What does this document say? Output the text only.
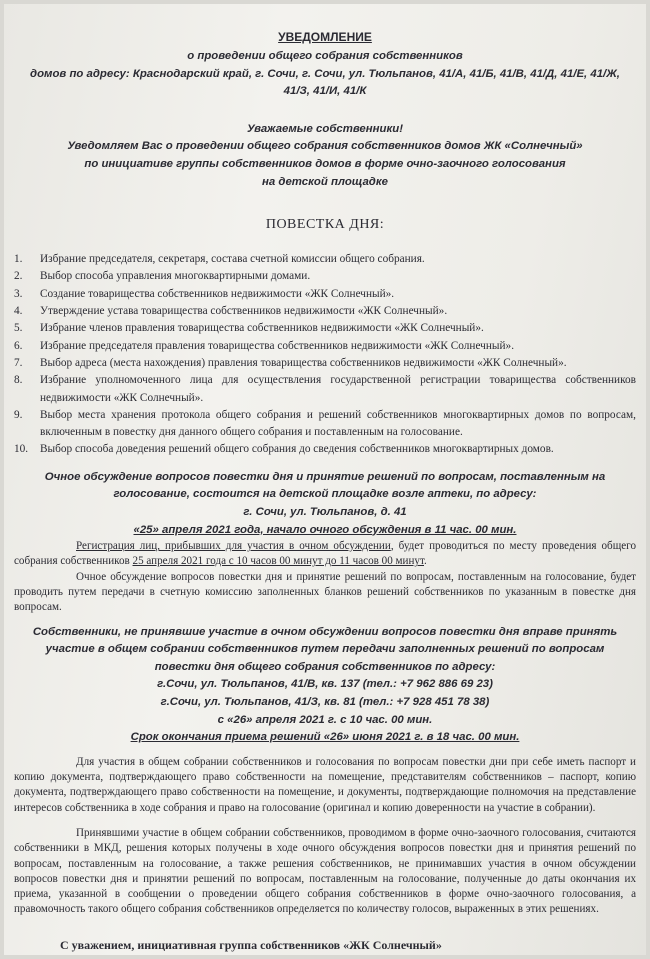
УВЕДОМЛЕНИЕ
о проведении общего собрания собственников
домов по адресу: Краснодарский край, г. Сочи, г. Сочи, ул. Тюльпанов, 41/А, 41/Б, 41/В, 41/Д, 41/Е, 41/Ж,
41/З, 41/И, 41/К
Уважаемые собственники!
Уведомляем Вас о проведении общего собрания собственников домов ЖК «Солнечный»
по инициативе группы собственников домов в форме очно-заочного голосования
на детской площадке
ПОВЕСТКА ДНЯ:
1.	Избрание председателя, секретаря, состава счетной комиссии общего собрания.
2.	Выбор способа управления многоквартирными домами.
3.	Создание товарищества собственников недвижимости «ЖК Солнечный».
4.	Утверждение устава товарищества собственников недвижимости «ЖК Солнечный».
5.	Избрание членов правления товарищества собственников недвижимости «ЖК Солнечный».
6.	Избрание председателя правления товарищества собственников недвижимости «ЖК Солнечный».
7.	Выбор адреса (места нахождения) правления товарищества собственников недвижимости «ЖК Солнечный».
8.	Избрание уполномоченного лица для осуществления государственной регистрации товарищества собственников недвижимости «ЖК Солнечный».
9.	Выбор места хранения протокола общего собрания и решений собственников многоквартирных домов по вопросам, включенным в повестку дня данного общего собрания и поставленным на голосование.
10.	Выбор способа доведения решений общего собрания до сведения собственников многоквартирных домов.
Очное обсуждение вопросов повестки дня и принятие решений по вопросам, поставленным на
голосование, состоится на детской площадке возле аптеки, по адресу:
г. Сочи, ул. Тюльпанов, д. 41
«25» апреля 2021 года, начало очного обсуждения в 11 час. 00 мин.
Регистрация лиц, прибывших для участия в очном обсуждении, будет проводиться по месту проведения общего собрания собственников 25 апреля 2021 года с 10 часов 00 минут до 11 часов 00 минут.
Очное обсуждение вопросов повестки дня и принятие решений по вопросам, поставленным на голосование, будет проводить путем передачи в счетную комиссию заполненных бланков решений собственников по указанным в повестке дня вопросам.
Собственники, не принявшие участие в очном обсуждении вопросов повестки дня вправе принять
участие в общем собрании собственников путем передачи заполненных решений по вопросам
повестки дня общего собрания собственников по адресу:
г.Сочи, ул. Тюльпанов, 41/В, кв. 137 (тел.: +7 962 886 69 23)
г.Сочи, ул. Тюльпанов, 41/З, кв. 81 (тел.: +7 928 451 78 38)
с «26» апреля 2021 г. с 10 час. 00 мин.
Срок окончания приема решений «26» июня 2021 г. в 18 час. 00 мин.
Для участия в общем собрании собственников и голосования по вопросам повестки дни при себе иметь паспорт и копию документа, подтверждающего право собственности на помещение, представителям собственников – паспорт, копию документа, подтверждающего право собственности на помещение, и документы, подтверждающие полномочия на представление интересов собственника в ходе собрания и право на голосование (оригинал и копию доверенности на участие в собрании).
Принявшими участие в общем собрании собственников, проводимом в форме очно-заочного голосования, считаются собственники в МКД, решения которых получены в ходе очного обсуждения вопросов повестки дня и принятия решений по вопросам, поставленным на голосование, а также решения собственников, не принимавших участия в очном обсуждении вопросов повестки дня и принятии решений по вопросам, поставленным на голосование, полученные до даты окончания их приема, указанной в сообщении о проведении общего собрания собственников в форме очно-заочного голосования, а правомочность такого общего собрания собственников определяется по количеству голосов, выраженных в этих решениях.
С уважением, инициативная группа собственников «ЖК Солнечный»
